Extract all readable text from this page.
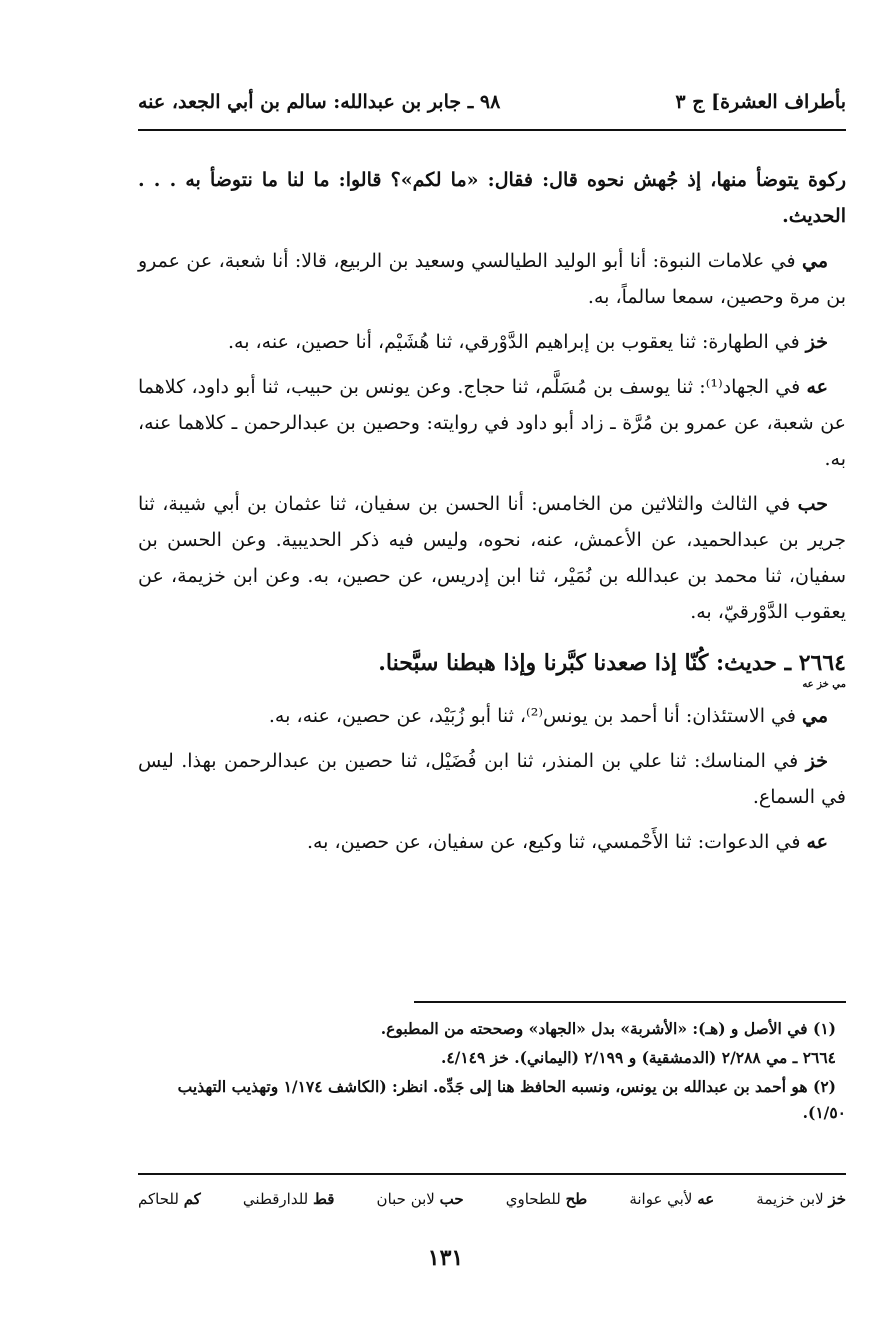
بأطراف العشرة] ج ٣
٩٨ ـ جابر بن عبدالله: سالم بن أبي الجعد، عنه

ركوة يتوضأ منها، إذ جُهش نحوه قال: فقال: «ما لكم»؟ قالوا: ما لنا ما نتوضأ به . . . الحديث.

مي في علامات النبوة: أنا أبو الوليد الطيالسي وسعيد بن الربيع، قالا: أنا شعبة، عن عمرو بن مرة وحصين، سمعا سالماً، به.

خز في الطهارة: ثنا يعقوب بن إبراهيم الدَّوْرقي، ثنا هُشَيْم، أنا حصين، عنه، به.

عه في الجهاد⁽¹⁾: ثنا يوسف بن مُسَلَّم، ثنا حجاج. وعن يونس بن حبيب، ثنا أبو داود، كلاهما عن شعبة، عن عمرو بن مُرَّة ـ زاد أبو داود في روايته: وحصين بن عبدالرحمن ـ كلاهما عنه، به.

حب في الثالث والثلاثين من الخامس: أنا الحسن بن سفيان، ثنا عثمان بن أبي شيبة، ثنا جرير بن عبدالحميد، عن الأعمش، عنه، نحوه، وليس فيه ذكر الحديبية. وعن الحسن بن سفيان، ثنا محمد بن عبدالله بن نُمَيْر، ثنا ابن إدريس، عن حصين، به. وعن ابن خزيمة، عن يعقوب الدَّوْرقيّ، به.

٢٦٦٤ ـ حديث: كُنّا إذا صعدنا كبَّرنا وإذا هبطنا سبَّحنا.
مي خز عه

مي في الاستئذان: أنا أحمد بن يونس⁽²⁾، ثنا أبو زُبَيْد، عن حصين، عنه، به.

خز في المناسك: ثنا علي بن المنذر، ثنا ابن فُضَيْل، ثنا حصين بن عبدالرحمن بهذا. ليس في السماع.

عه في الدعوات: ثنا الأَحْمسي، ثنا وكيع، عن سفيان، عن حصين، به.

(١) في الأصل و (هـ): «الأشربة» بدل «الجهاد» وصححته من المطبوع.

٢٦٦٤ ـ مي ٢/٢٨٨ (الدمشقية) و ٢/١٩٩ (اليماني). خز ٤/١٤٩.

(٢) هو أحمد بن عبدالله بن يونس، ونسبه الحافظ هنا إلى جَدِّه. انظر: (الكاشف ١/١٧٤ وتهذيب التهذيب ١/٥٠).

خز لابن خزيمة
عه لأبي عوانة
طح للطحاوي
حب لابن حبان
قط للدارقطني
كم للحاكم
١٣١
